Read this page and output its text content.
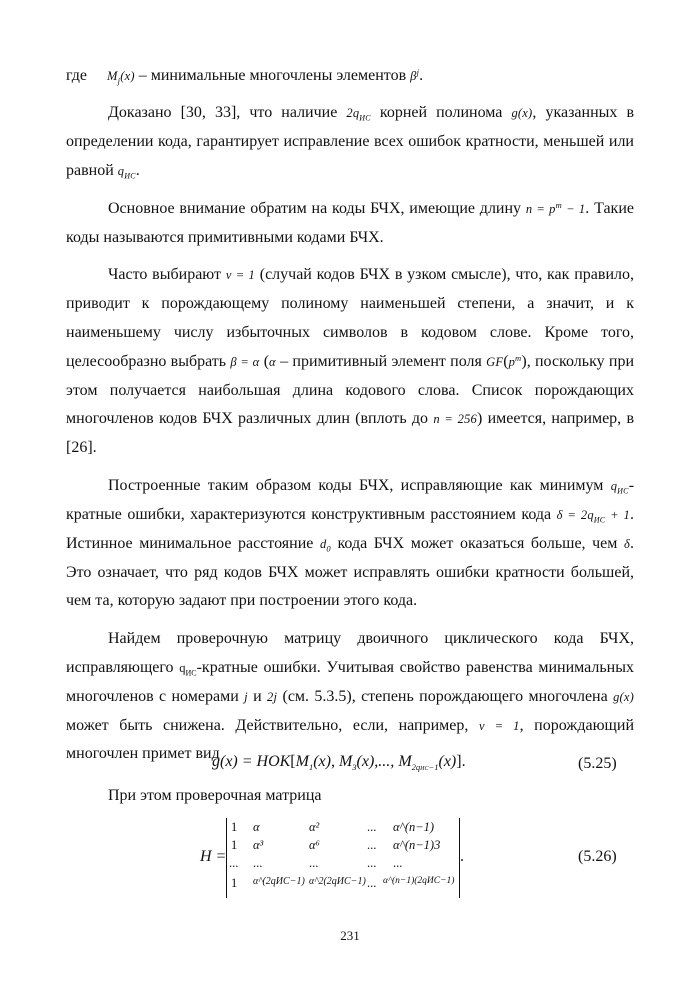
где $M_j(x)$ – минимальные многочлены элементов $\beta^j$.

Доказано [30, 33], что наличие $2q_{ИС}$ корней полинома g(x), указанных в определении кода, гарантирует исправление всех ошибок кратности, меньшей или равной $q_{ИС}$.

Основное внимание обратим на коды БЧХ, имеющие длину $n = p^m - 1$. Такие коды называются примитивными кодами БЧХ.

Часто выбирают v = 1 (случай кодов БЧХ в узком смысле), что, как правило, приводит к порождающему полиному наименьшей степени, а значит, и к наименьшему числу избыточных символов в кодовом слове. Кроме того, целесообразно выбрать β = α (α – примитивный элемент поля $GF(p^m)$, поскольку при этом получается наибольшая длина кодового слова. Список порождающих многочленов кодов БЧХ различных длин (вплоть до n = 256) имеется, например, в [26].

Построенные таким образом коды БЧХ, исправляющие как минимум $q_{ИС}$-кратные ошибки, характеризуются конструктивным расстоянием кода $\delta = 2q_{ИС} + 1$. Истинное минимальное расстояние $d_0$ кода БЧХ может оказаться больше, чем δ. Это означает, что ряд кодов БЧХ может исправлять ошибки кратности большей, чем та, которую задают при построении этого кода.

Найдем проверочную матрицу двоичного циклического кода БЧХ, исправляющего $q_{ИС}$-кратные ошибки. Учитывая свойство равенства минимальных многочленов с номерами j и 2j (см. 5.3.5), степень порождающего многочлена g(x) может быть снижена. Действительно, если, например, v = 1, порождающий многочлен примет вид

$g(x) = НОК[M_1(x)$, $M_3(x)$,..., $M_{2qИС-1}(x)$].	(5.25)

При этом проверочная матрица

H =
1 α	α²	... α^(n−1)
1 α³	α⁶	... α^(n−1)3
... ...	...	... ...
1 α^(2qИС−1) α^2(2qИС−1) ... α^(n−1)(2qИС−1)
.	(5.26)
231
